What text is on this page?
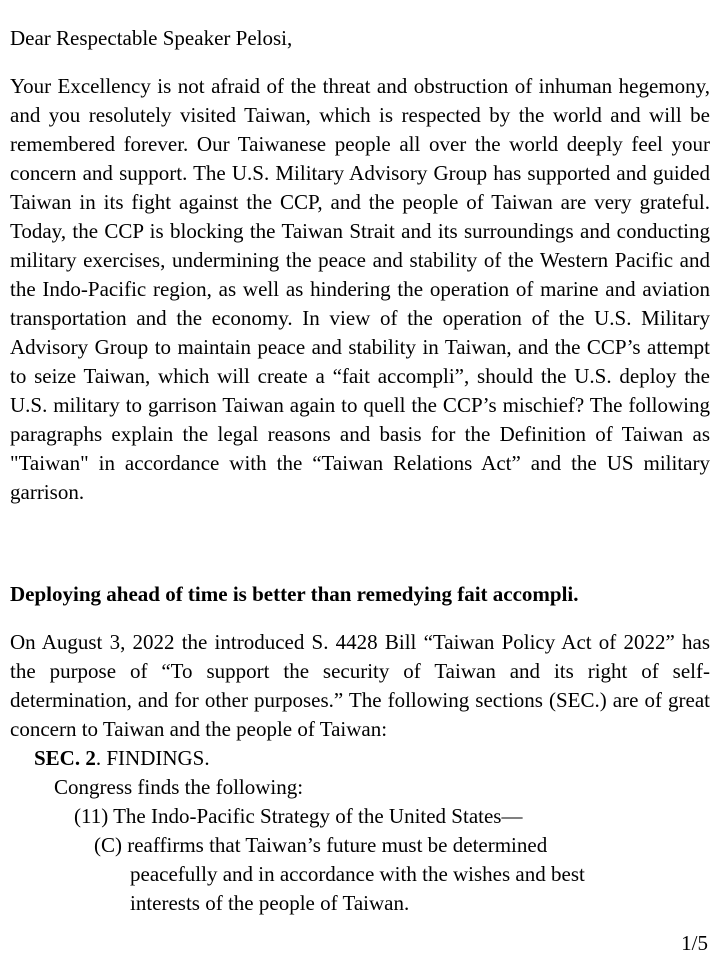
Dear Respectable Speaker Pelosi,

Your Excellency is not afraid of the threat and obstruction of inhuman hegemony, and you resolutely visited Taiwan, which is respected by the world and will be remembered forever. Our Taiwanese people all over the world deeply feel your concern and support. The U.S. Military Advisory Group has supported and guided Taiwan in its fight against the CCP, and the people of Taiwan are very grateful. Today, the CCP is blocking the Taiwan Strait and its surroundings and conducting military exercises, undermining the peace and stability of the Western Pacific and the Indo-Pacific region, as well as hindering the operation of marine and aviation transportation and the economy. In view of the operation of the U.S. Military Advisory Group to maintain peace and stability in Taiwan, and the CCP’s attempt to seize Taiwan, which will create a “fait accompli”, should the U.S. deploy the U.S. military to garrison Taiwan again to quell the CCP’s mischief? The following paragraphs explain the legal reasons and basis for the Definition of Taiwan as "Taiwan" in accordance with the “Taiwan Relations Act” and the US military garrison.

Deploying ahead of time is better than remedying fait accompli.

On August 3, 2022 the introduced S. 4428 Bill “Taiwan Policy Act of 2022” has the purpose of “To support the security of Taiwan and its right of self-determination, and for other purposes.” The following sections (SEC.) are of great concern to Taiwan and the people of Taiwan:

SEC. 2. FINDINGS.

Congress finds the following:

(11) The Indo-Pacific Strategy of the United States—

(C) reaffirms that Taiwan’s future must be determined

peacefully and in accordance with the wishes and best

interests of the people of Taiwan.

1/5
